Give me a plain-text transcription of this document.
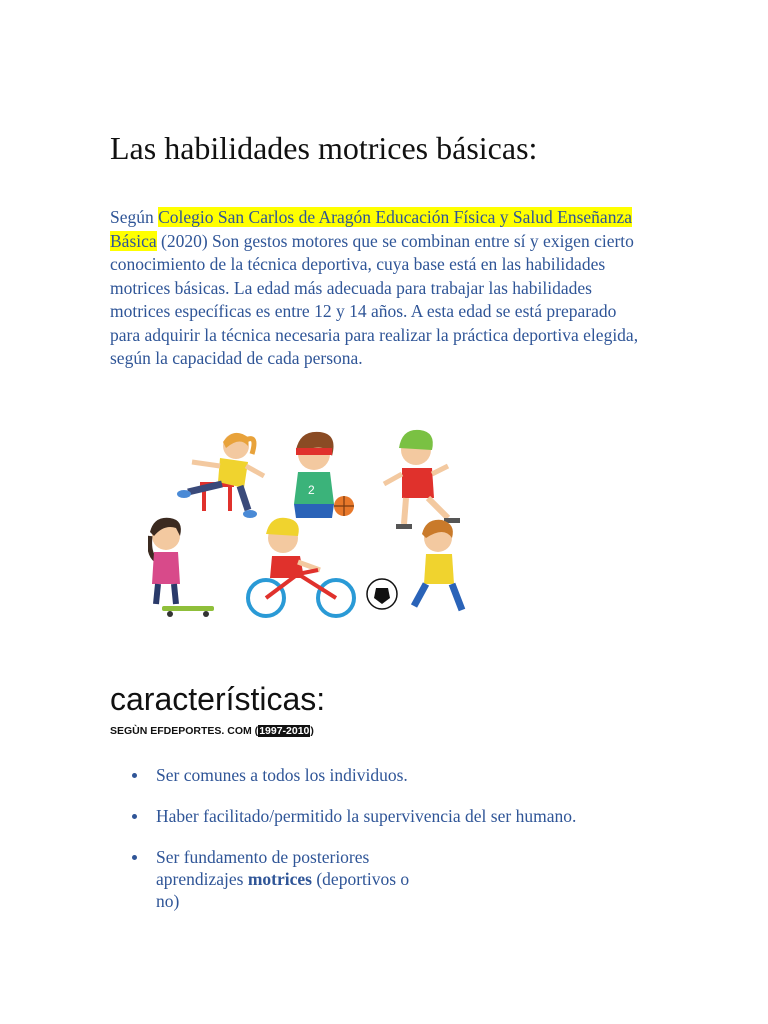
Las habilidades motrices básicas:

Según Colegio San Carlos de Aragón Educación Física y Salud Enseñanza Básica (2020) Son gestos motores que se combinan entre sí y exigen cierto conocimiento de la técnica deportiva, cuya base está en las habilidades motrices básicas. La edad más adecuada para trabajar las habilidades motrices específicas es entre 12 y 14 años. A esta edad se está preparado para adquirir la técnica necesaria para realizar la práctica deportiva elegida, según la capacidad de cada persona.

2
características:

SEGÙN EFDEPORTES. COM (1997-2010)

Ser comunes a todos los individuos.
Haber facilitado/permitido la supervivencia del ser humano.
Ser fundamento de posteriores aprendizajes motrices (deportivos o no)
